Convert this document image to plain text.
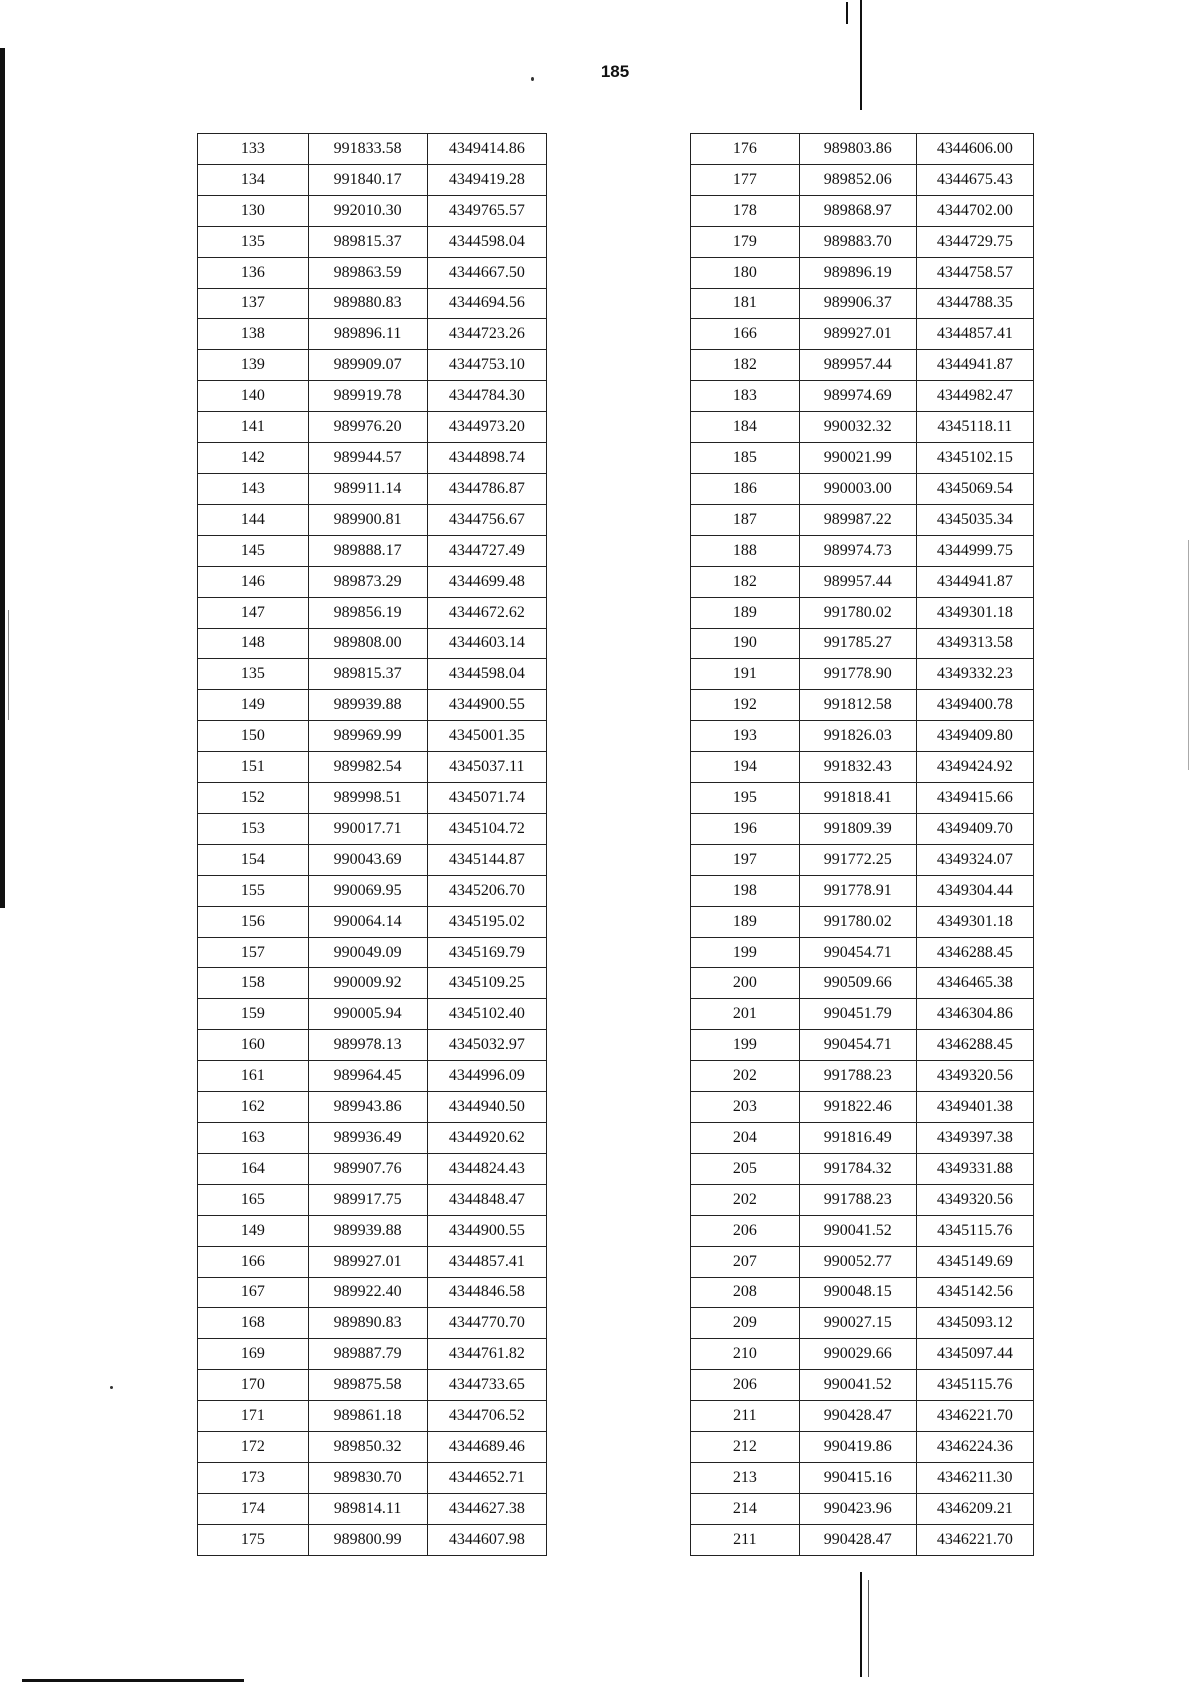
185
133	991833.58	4349414.86
134	991840.17	4349419.28
130	992010.30	4349765.57
135	989815.37	4344598.04
136	989863.59	4344667.50
137	989880.83	4344694.56
138	989896.11	4344723.26
139	989909.07	4344753.10
140	989919.78	4344784.30
141	989976.20	4344973.20
142	989944.57	4344898.74
143	989911.14	4344786.87
144	989900.81	4344756.67
145	989888.17	4344727.49
146	989873.29	4344699.48
147	989856.19	4344672.62
148	989808.00	4344603.14
135	989815.37	4344598.04
149	989939.88	4344900.55
150	989969.99	4345001.35
151	989982.54	4345037.11
152	989998.51	4345071.74
153	990017.71	4345104.72
154	990043.69	4345144.87
155	990069.95	4345206.70
156	990064.14	4345195.02
157	990049.09	4345169.79
158	990009.92	4345109.25
159	990005.94	4345102.40
160	989978.13	4345032.97
161	989964.45	4344996.09
162	989943.86	4344940.50
163	989936.49	4344920.62
164	989907.76	4344824.43
165	989917.75	4344848.47
149	989939.88	4344900.55
166	989927.01	4344857.41
167	989922.40	4344846.58
168	989890.83	4344770.70
169	989887.79	4344761.82
170	989875.58	4344733.65
171	989861.18	4344706.52
172	989850.32	4344689.46
173	989830.70	4344652.71
174	989814.11	4344627.38
175	989800.99	4344607.98
176	989803.86	4344606.00
177	989852.06	4344675.43
178	989868.97	4344702.00
179	989883.70	4344729.75
180	989896.19	4344758.57
181	989906.37	4344788.35
166	989927.01	4344857.41
182	989957.44	4344941.87
183	989974.69	4344982.47
184	990032.32	4345118.11
185	990021.99	4345102.15
186	990003.00	4345069.54
187	989987.22	4345035.34
188	989974.73	4344999.75
182	989957.44	4344941.87
189	991780.02	4349301.18
190	991785.27	4349313.58
191	991778.90	4349332.23
192	991812.58	4349400.78
193	991826.03	4349409.80
194	991832.43	4349424.92
195	991818.41	4349415.66
196	991809.39	4349409.70
197	991772.25	4349324.07
198	991778.91	4349304.44
189	991780.02	4349301.18
199	990454.71	4346288.45
200	990509.66	4346465.38
201	990451.79	4346304.86
199	990454.71	4346288.45
202	991788.23	4349320.56
203	991822.46	4349401.38
204	991816.49	4349397.38
205	991784.32	4349331.88
202	991788.23	4349320.56
206	990041.52	4345115.76
207	990052.77	4345149.69
208	990048.15	4345142.56
209	990027.15	4345093.12
210	990029.66	4345097.44
206	990041.52	4345115.76
211	990428.47	4346221.70
212	990419.86	4346224.36
213	990415.16	4346211.30
214	990423.96	4346209.21
211	990428.47	4346221.70
